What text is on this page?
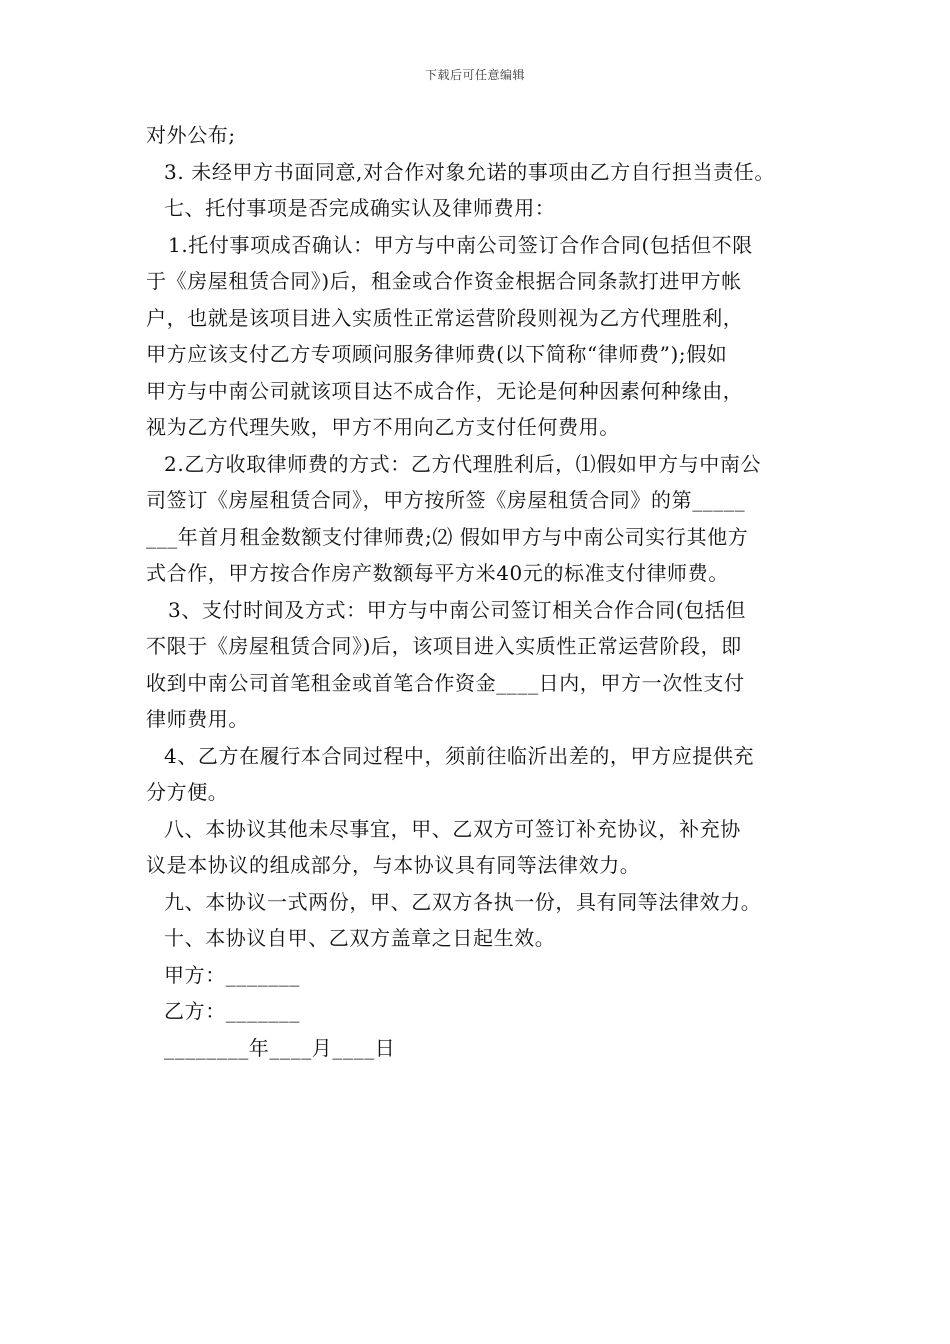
下载后可任意编辑

对外公布;

3. 未经甲方书面同意,对合作对象允诺的事项由乙方自行担当责任。

七、托付事项是否完成确实认及律师费用：

1.托付事项成否确认：甲方与中南公司签订合作合同(包括但不限

于《房屋租赁合同》)后，租金或合作资金根据合同条款打进甲方帐

户，也就是该项目进入实质性正常运营阶段则视为乙方代理胜利，

甲方应该支付乙方专项顾问服务律师费(以下简称“律师费”);假如

甲方与中南公司就该项目达不成合作，无论是何种因素何种缘由，

视为乙方代理失败，甲方不用向乙方支付任何费用。

2.乙方收取律师费的方式：乙方代理胜利后，⑴假如甲方与中南公

司签订《房屋租赁合同》，甲方按所签《房屋租赁合同》的第_____

___年首月租金数额支付律师费;⑵ 假如甲方与中南公司实行其他方

式合作，甲方按合作房产数额每平方米40元的标准支付律师费。

3、支付时间及方式：甲方与中南公司签订相关合作合同(包括但

不限于《房屋租赁合同》)后，该项目进入实质性正常运营阶段，即

收到中南公司首笔租金或首笔合作资金____日内，甲方一次性支付

律师费用。

4、乙方在履行本合同过程中，须前往临沂出差的，甲方应提供充

分方便。

八、本协议其他未尽事宜，甲、乙双方可签订补充协议，补充协

议是本协议的组成部分，与本协议具有同等法律效力。

九、本协议一式两份，甲、乙双方各执一份，具有同等法律效力。

十、本协议自甲、乙双方盖章之日起生效。

甲方：_______

乙方：_______

________年____月____日
